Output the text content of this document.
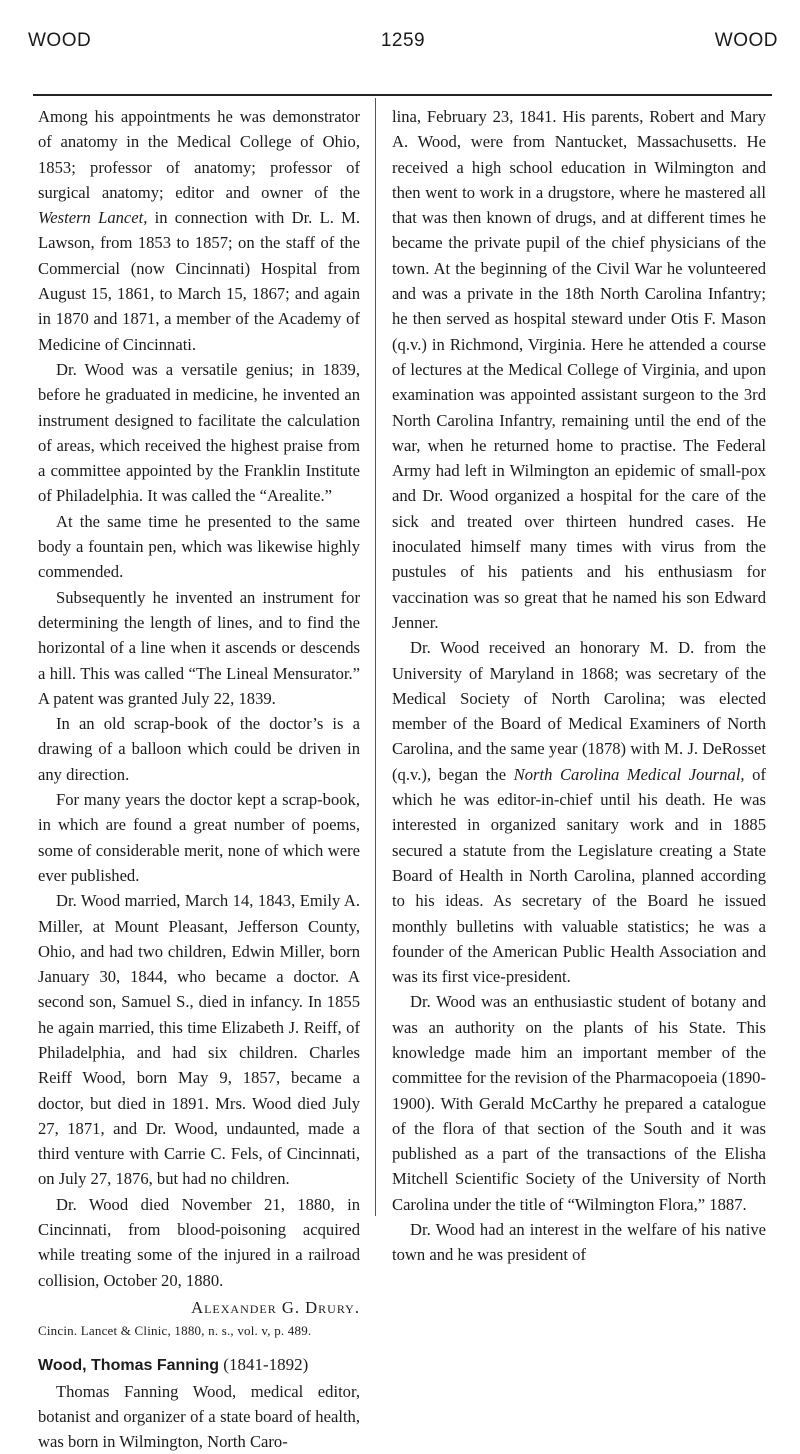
WOOD	1259	WOOD

Among his appointments he was demonstrator of anatomy in the Medical College of Ohio, 1853; professor of anatomy; professor of surgical anatomy; editor and owner of the Western Lancet, in connection with Dr. L. M. Lawson, from 1853 to 1857; on the staff of the Commercial (now Cincinnati) Hospital from August 15, 1861, to March 15, 1867; and again in 1870 and 1871, a member of the Academy of Medicine of Cincinnati.

Dr. Wood was a versatile genius; in 1839, before he graduated in medicine, he invented an instrument designed to facilitate the calculation of areas, which received the highest praise from a committee appointed by the Franklin Institute of Philadelphia. It was called the “Arealite.”

At the same time he presented to the same body a fountain pen, which was likewise highly commended.

Subsequently he invented an instrument for determining the length of lines, and to find the horizontal of a line when it ascends or descends a hill. This was called “The Lineal Mensurator.” A patent was granted July 22, 1839.

In an old scrap-book of the doctor’s is a drawing of a balloon which could be driven in any direction.

For many years the doctor kept a scrap-book, in which are found a great number of poems, some of considerable merit, none of which were ever published.

Dr. Wood married, March 14, 1843, Emily A. Miller, at Mount Pleasant, Jefferson County, Ohio, and had two children, Edwin Miller, born January 30, 1844, who became a doctor. A second son, Samuel S., died in infancy. In 1855 he again married, this time Elizabeth J. Reiff, of Philadelphia, and had six children. Charles Reiff Wood, born May 9, 1857, became a doctor, but died in 1891. Mrs. Wood died July 27, 1871, and Dr. Wood, undaunted, made a third venture with Carrie C. Fels, of Cincinnati, on July 27, 1876, but had no children.

Dr. Wood died November 21, 1880, in Cincinnati, from blood-poisoning acquired while treating some of the injured in a railroad collision, October 20, 1880.

Alexander G. Drury.

Cincin. Lancet & Clinic, 1880, n. s., vol. v, p. 489.

Wood, Thomas Fanning (1841-1892)

Thomas Fanning Wood, medical editor, botanist and organizer of a state board of health, was born in Wilmington, North Caro-

lina, February 23, 1841. His parents, Robert and Mary A. Wood, were from Nantucket, Massachusetts. He received a high school education in Wilmington and then went to work in a drugstore, where he mastered all that was then known of drugs, and at different times he became the private pupil of the chief physicians of the town. At the beginning of the Civil War he volunteered and was a private in the 18th North Carolina Infantry; he then served as hospital steward under Otis F. Mason (q.v.) in Richmond, Virginia. Here he attended a course of lectures at the Medical College of Virginia, and upon examination was appointed assistant surgeon to the 3rd North Carolina Infantry, remaining until the end of the war, when he returned home to practise. The Federal Army had left in Wilmington an epidemic of small-pox and Dr. Wood organized a hospital for the care of the sick and treated over thirteen hundred cases. He inoculated himself many times with virus from the pustules of his patients and his enthusiasm for vaccination was so great that he named his son Edward Jenner.

Dr. Wood received an honorary M. D. from the University of Maryland in 1868; was secretary of the Medical Society of North Carolina; was elected member of the Board of Medical Examiners of North Carolina, and the same year (1878) with M. J. DeRosset (q.v.), began the North Carolina Medical Journal, of which he was editor-in-chief until his death. He was interested in organized sanitary work and in 1885 secured a statute from the Legislature creating a State Board of Health in North Carolina, planned according to his ideas. As secretary of the Board he issued monthly bulletins with valuable statistics; he was a founder of the American Public Health Association and was its first vice-president.

Dr. Wood was an enthusiastic student of botany and was an authority on the plants of his State. This knowledge made him an important member of the committee for the revision of the Pharmacopoeia (1890-1900). With Gerald McCarthy he prepared a catalogue of the flora of that section of the South and it was published as a part of the transactions of the Elisha Mitchell Scientific Society of the University of North Carolina under the title of “Wilmington Flora,” 1887.

Dr. Wood had an interest in the welfare of his native town and he was president of
